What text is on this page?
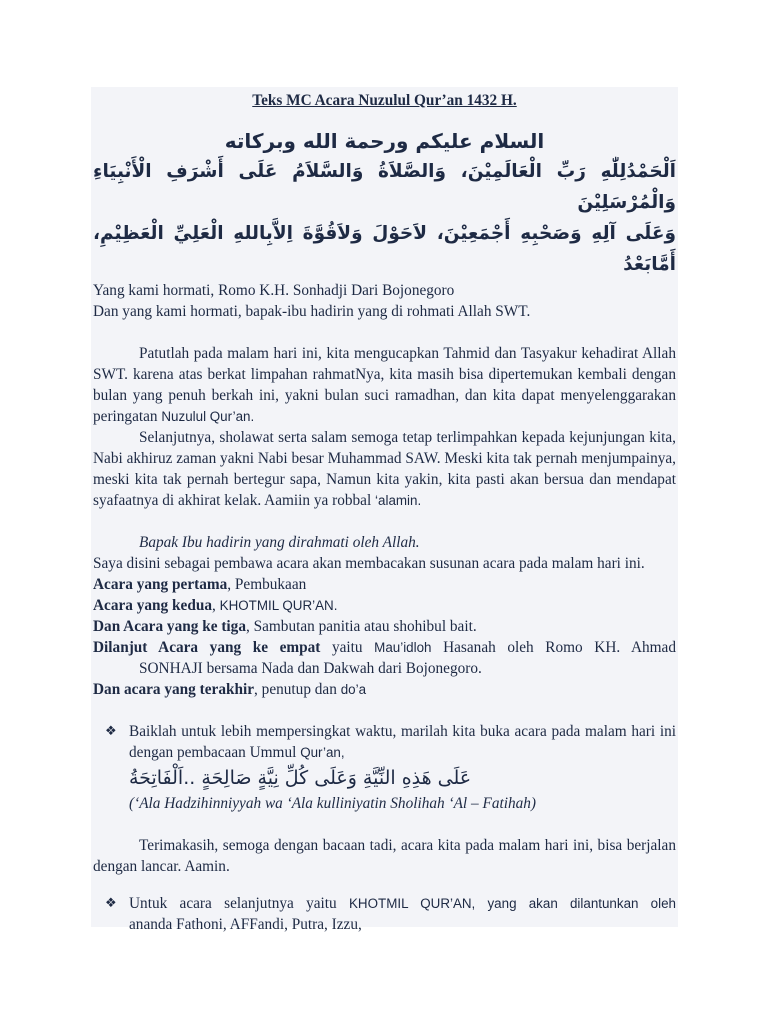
Teks MC Acara Nuzulul Qur’an 1432 H.
السلام عليكم ورحمة الله وبركاته
اَلْحَمْدُلِلّٰهِ رَبِّ الْعَالَمِيْنَ، وَالصَّلاَةُ وَالسَّلاَمُ عَلَى أَشْرَفِ الْأَنْبِيَاءِ وَالْمُرْسَلِيْنَ
وَعَلَى آلِهِ وَصَحْبِهِ أَجْمَعِيْنَ، لاَحَوْلَ وَلاَقُوَّةَ اِلاَّبِاللهِ الْعَلِيِّ الْعَظِيْمِ، أَمَّابَعْدُ

Yang kami hormati, Romo K.H. Sonhadji Dari Bojonegoro

Dan yang kami hormati, bapak-ibu hadirin yang di rohmati Allah SWT.

Patutlah pada malam hari ini, kita mengucapkan Tahmid dan Tasyakur kehadirat Allah SWT. karena atas berkat limpahan rahmatNya, kita masih bisa dipertemukan kembali dengan bulan yang penuh berkah ini, yakni bulan suci ramadhan, dan kita dapat menyelenggarakan peringatan Nuzulul Qur’an.

Selanjutnya, sholawat serta salam semoga tetap terlimpahkan kepada kejunjungan kita, Nabi akhiruz zaman yakni Nabi besar Muhammad SAW. Meski kita tak pernah menjumpainya, meski kita tak pernah bertegur sapa, Namun kita yakin, kita pasti akan bersua dan mendapat syafaatnya di akhirat kelak. Aamiin ya robbal ‘alamin.

Bapak Ibu hadirin yang dirahmati oleh Allah.

Saya disini sebagai pembawa acara akan membacakan susunan acara pada malam hari ini.

Acara yang pertama, Pembukaan

Acara yang kedua, KHOTMIL QUR’AN.

Dan Acara yang ke tiga, Sambutan panitia atau shohibul bait.

Dilanjut Acara yang ke empat yaitu Mau’idloh Hasanah oleh Romo KH. Ahmad

SONHAJI bersama Nada dan Dakwah dari Bojonegoro.

Dan acara yang terakhir, penutup dan do’a

❖ Baiklah untuk lebih mempersingkat waktu, marilah kita buka acara pada malam hari ini dengan pembacaan Ummul Qur’an,
عَلَى هَذِهِ النِّيَّةِ وَعَلَى كُلِّ نِيَّةٍ صَالِحَةٍ ..اَلْفَاتِحَةُ

(‘Ala Hadzihinniyyah wa ‘Ala kulliniyatin Sholihah ‘Al – Fatihah)

Terimakasih, semoga dengan bacaan tadi, acara kita pada malam hari ini, bisa berjalan dengan lancar. Aamin.

❖ Untuk acara selanjutnya yaitu KHOTMIL QUR’AN, yang akan dilantunkan oleh
ananda Fathoni, AFFandi, Putra, Izzu,
